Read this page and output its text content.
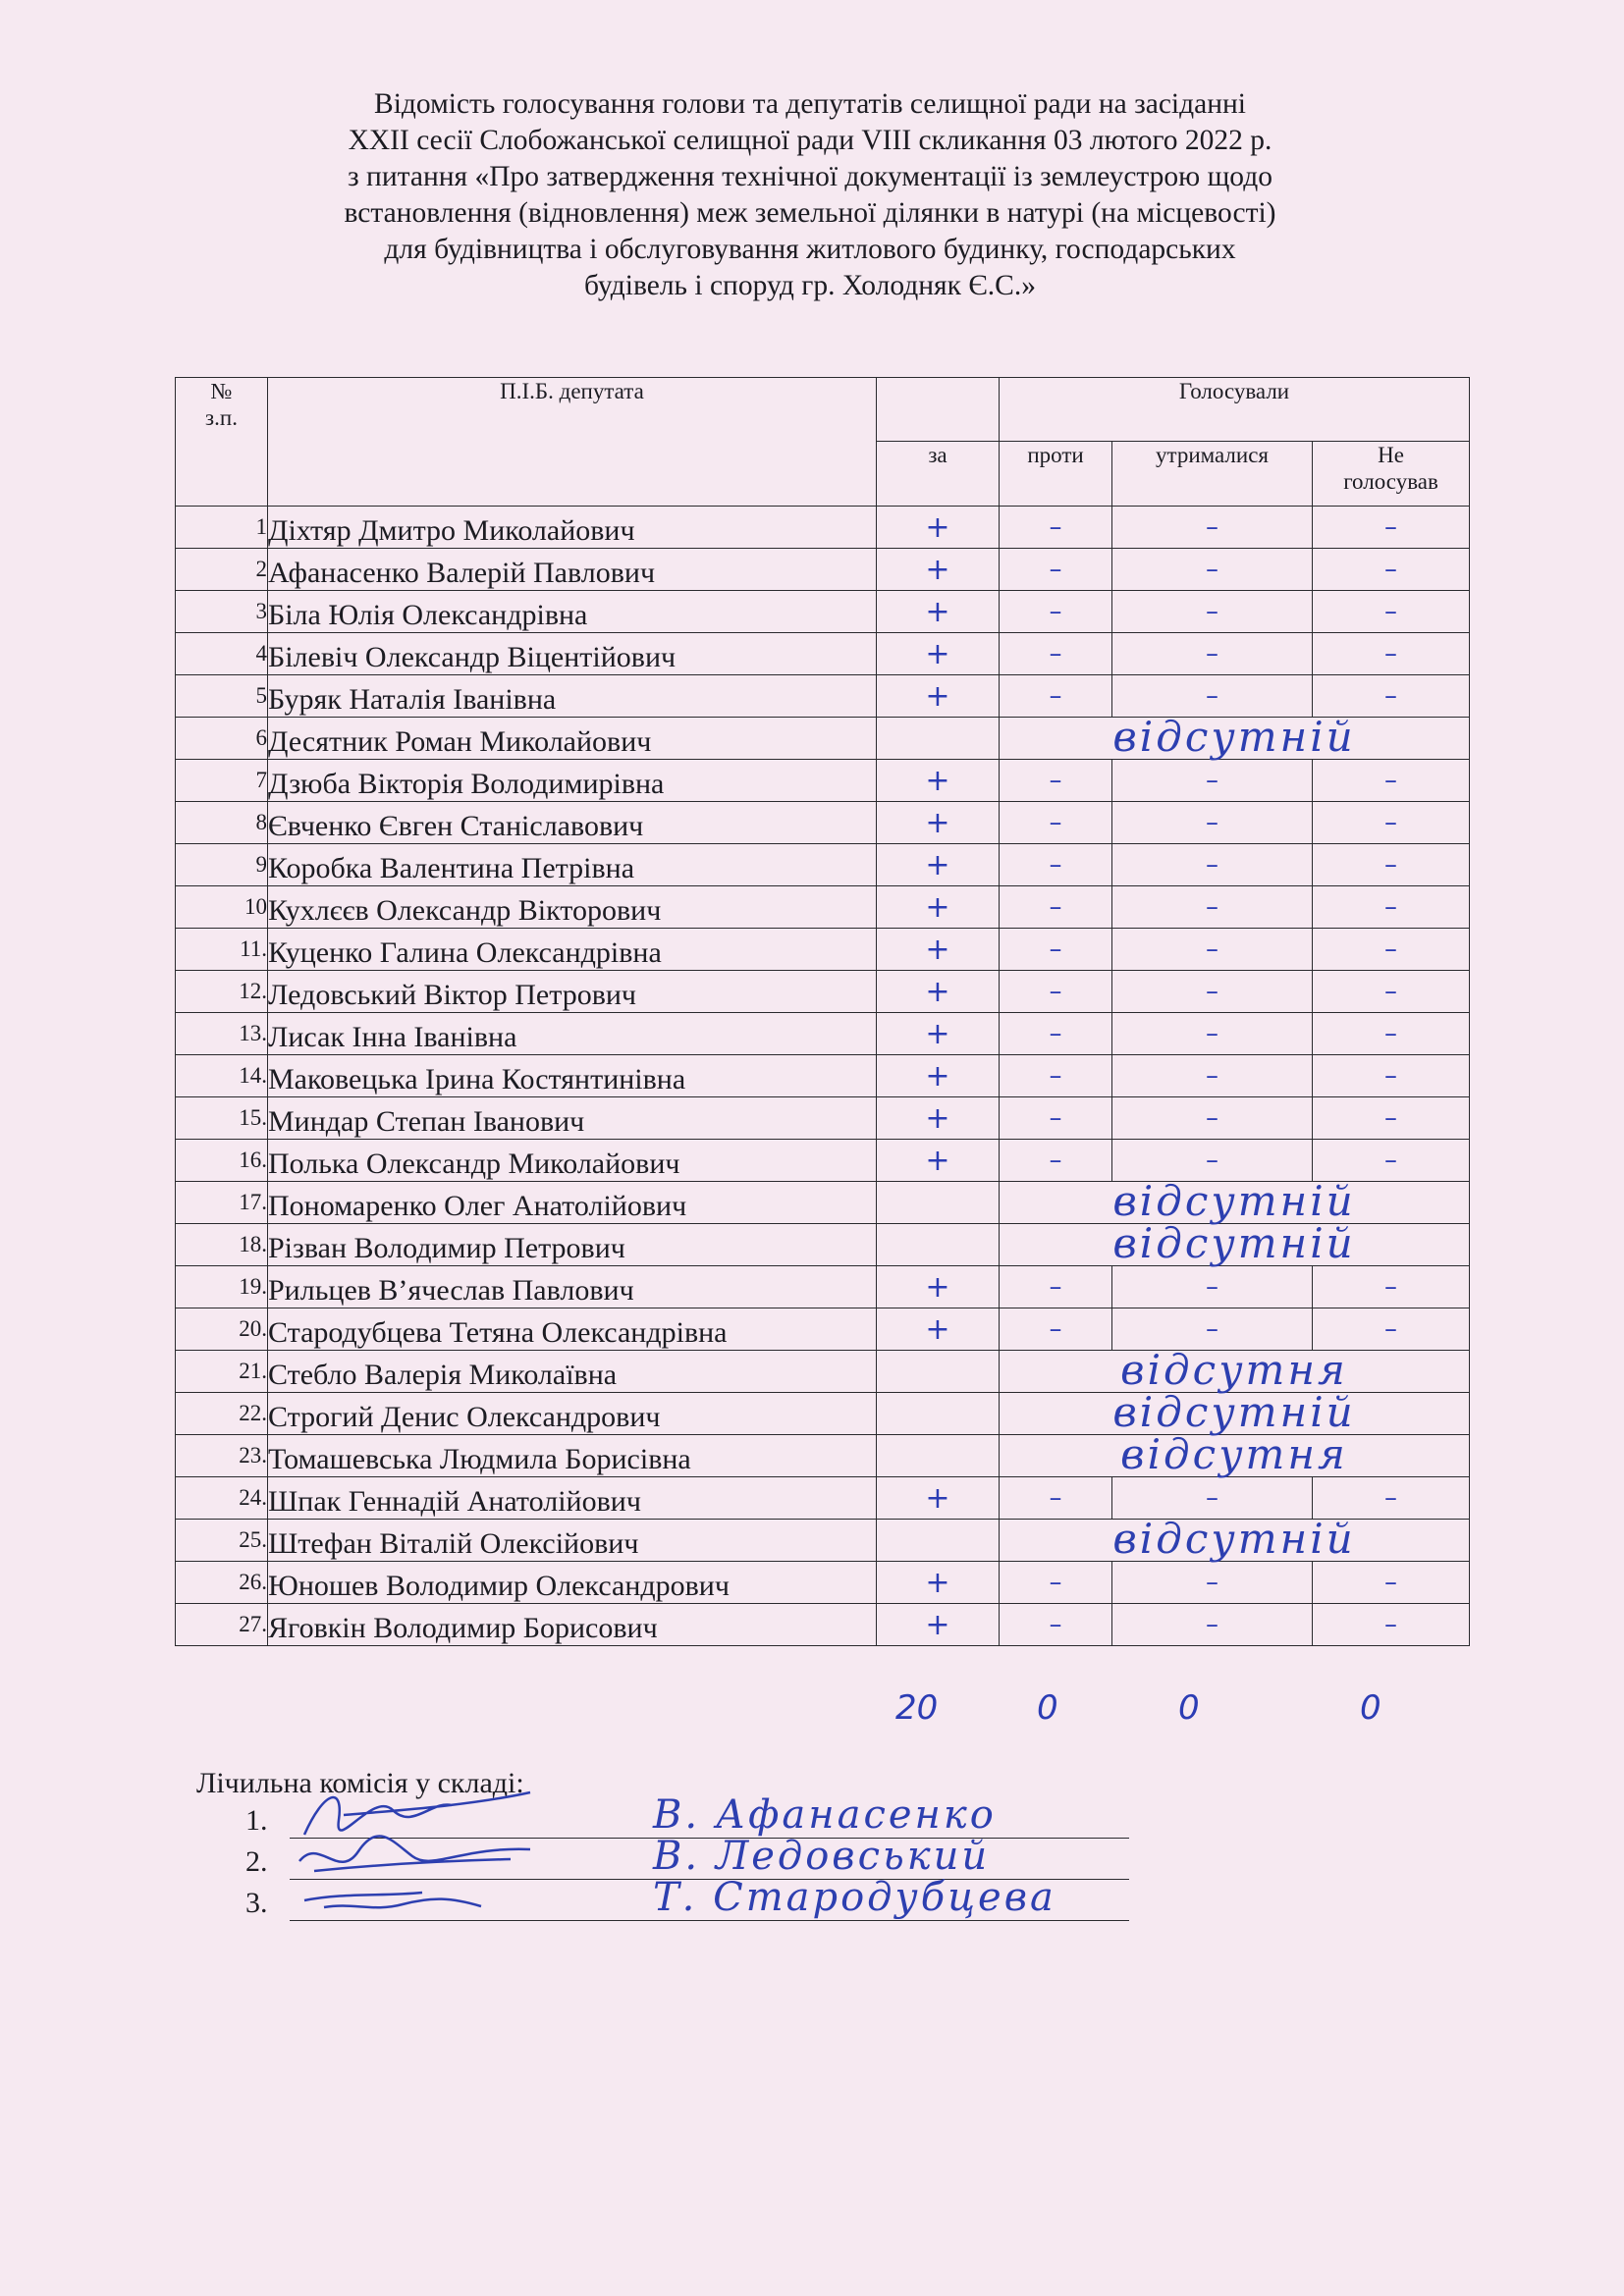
Відомість голосування голови та депутатів селищної ради на засіданні
XXII сесії Слобожанської селищної ради VIII скликання 03 лютого 2022 р.
з питання «Про затвердження технічної документації із землеустрою щодо
встановлення (відновлення) меж земельної ділянки в натурі (на місцевості)
для будівництва і обслуговування житлового будинку, господарських
будівель і споруд гр. Холодняк Є.С.»
№
з.п.	П.І.Б. депутата		Голосували		
		за	проти	утрималися	Не
голосував

1	Діхтяр Дмитро Миколайович	+	–	–	–
2	Афанасенко Валерій Павлович	+	–	–	–
3	Біла Юлія Олександрівна	+	–	–	–
4	Білевіч Олександр Віцентійович	+	–	–	–
5	Буряк Наталія Іванівна	+	–	–	–
6	Десятник Роман Миколайович		відсутній		

7	Дзюба Вікторія Володимирівна	+	–	–	–
8	Євченко Євген Станіславович	+	–	–	–
9	Коробка Валентина Петрівна	+	–	–	–
10	Кухлєєв Олександр Вікторович	+	–	–	–
11.	Куценко Галина Олександрівна	+	–	–	–
12.	Ледовський Віктор Петрович	+	–	–	–
13.	Лисак Інна Іванівна	+	–	–	–
14.	Маковецька Ірина Костянтинівна	+	–	–	–
15.	Миндар Степан Іванович	+	–	–	–
16.	Полька Олександр Миколайович	+	–	–	–
17.	Пономаренко Олег Анатолійович		відсутній		

18.	Різван Володимир Петрович		відсутній		

19.	Рильцев В’ячеслав Павлович	+	–	–	–
20.	Стародубцева Тетяна Олександрівна	+	–	–	–
21.	Стебло Валерія Миколаївна		відсутня		

22.	Строгий Денис Олександрович		відсутній		

23.	Томашевська Людмила Борисівна		відсутня		

24.	Шпак Геннадій Анатолійович	+	–	–	–
25.	Штефан Віталій Олексійович		відсутній		

26.	Юношев Володимир Олександрович	+	–	–	–
27.	Яговкін Володимир Борисович	+	–	–	–
20	0	0	0
Лічильна комісія у складі:
1.	В. Афанасенко
2.	В. Ледовський
3.	Т. Стародубцева
